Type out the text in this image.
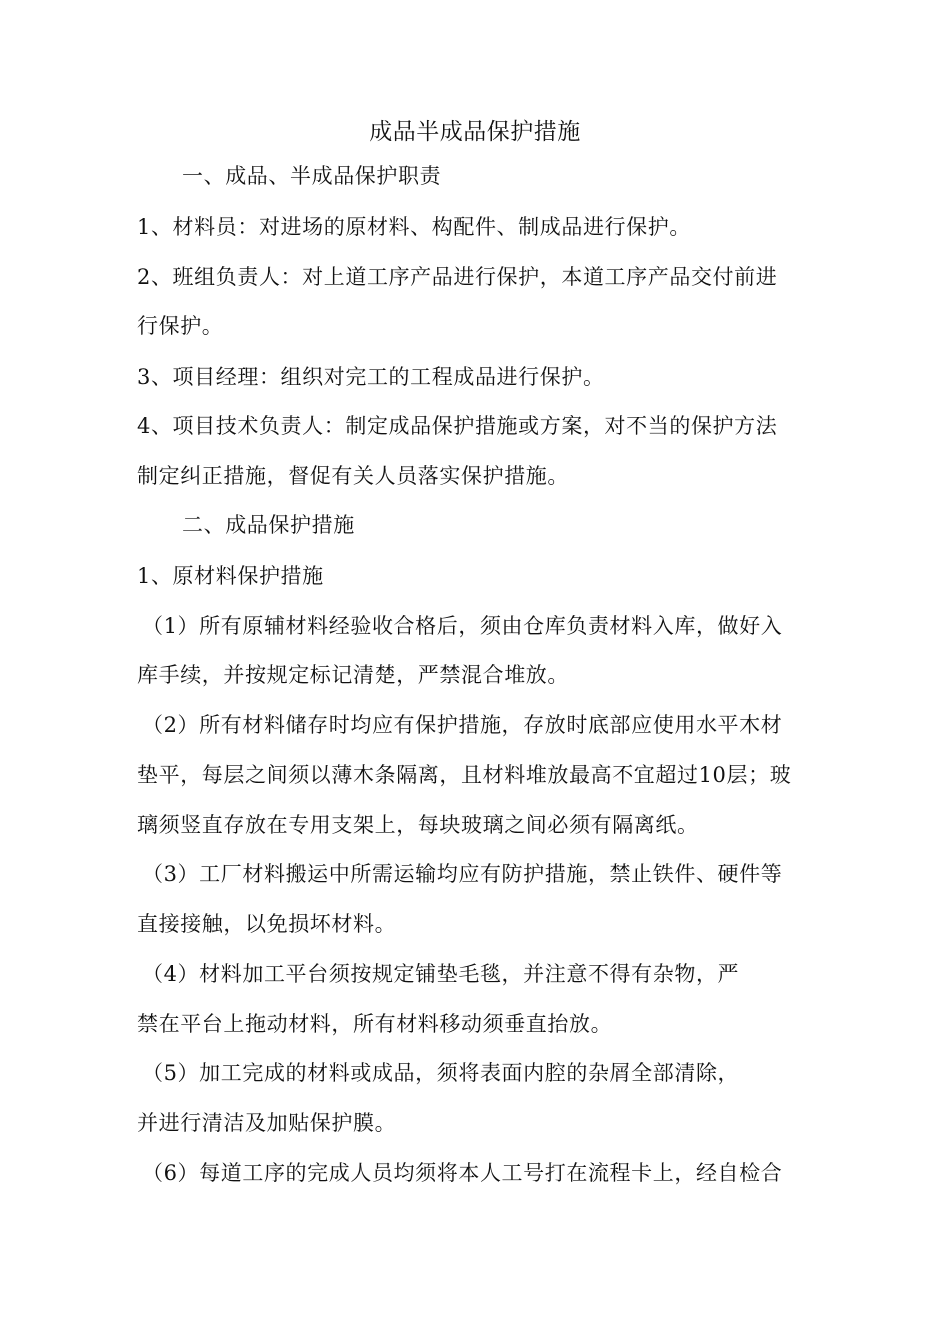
成品半成品保护措施
一、成品、半成品保护职责
1、材料员：对进场的原材料、构配件、制成品进行保护。
2、班组负责人：对上道工序产品进行保护，本道工序产品交付前进
行保护。
3、项目经理：组织对完工的工程成品进行保护。
4、项目技术负责人：制定成品保护措施或方案，对不当的保护方法
制定纠正措施，督促有关人员落实保护措施。
二、成品保护措施
1、原材料保护措施
（1）所有原辅材料经验收合格后，须由仓库负责材料入库，做好入
库手续，并按规定标记清楚，严禁混合堆放。
（2）所有材料储存时均应有保护措施，存放时底部应使用水平木材
垫平，每层之间须以薄木条隔离，且材料堆放最高不宜超过10层；玻
璃须竖直存放在专用支架上，每块玻璃之间必须有隔离纸。
（3）工厂材料搬运中所需运输均应有防护措施，禁止铁件、硬件等
直接接触，以免损坏材料。
（4）材料加工平台须按规定铺垫毛毯，并注意不得有杂物，严
禁在平台上拖动材料，所有材料移动须垂直抬放。
（5）加工完成的材料或成品，须将表面内腔的杂屑全部清除，
并进行清洁及加贴保护膜。
（6）每道工序的完成人员均须将本人工号打在流程卡上，经自检合
